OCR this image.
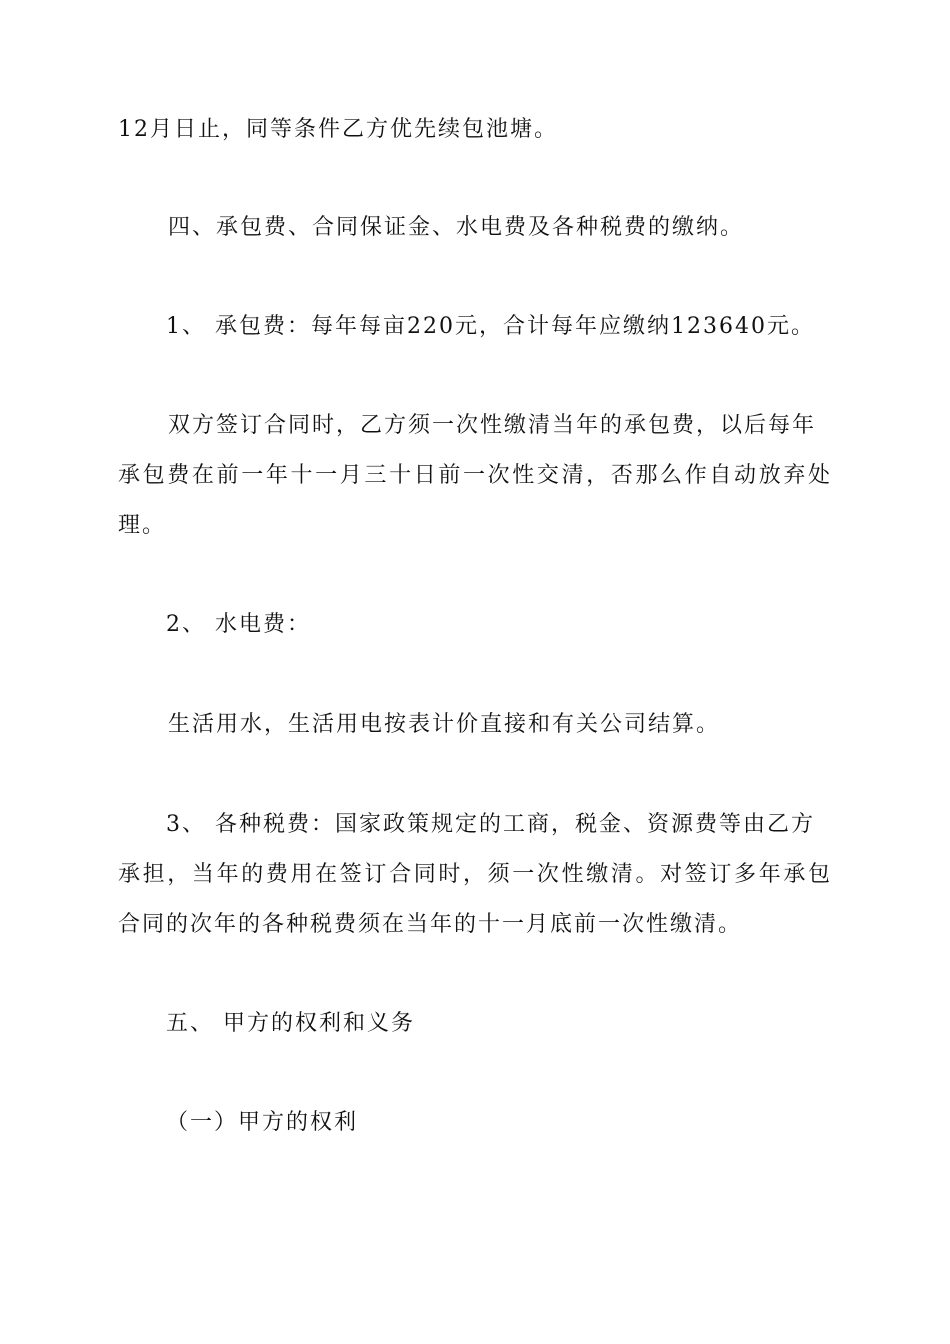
12月日止，同等条件乙方优先续包池塘。
四、承包费、合同保证金、水电费及各种税费的缴纳。
1、 承包费：每年每亩220元，合计每年应缴纳123640元。
双方签订合同时，乙方须一次性缴清当年的承包费，以后每年
承包费在前一年十一月三十日前一次性交清，否那么作自动放弃处
理。
2、 水电费：
生活用水，生活用电按表计价直接和有关公司结算。
3、 各种税费：国家政策规定的工商，税金、资源费等由乙方
承担，当年的费用在签订合同时，须一次性缴清。对签订多年承包
合同的次年的各种税费须在当年的十一月底前一次性缴清。
五、 甲方的权利和义务
（一）甲方的权利
